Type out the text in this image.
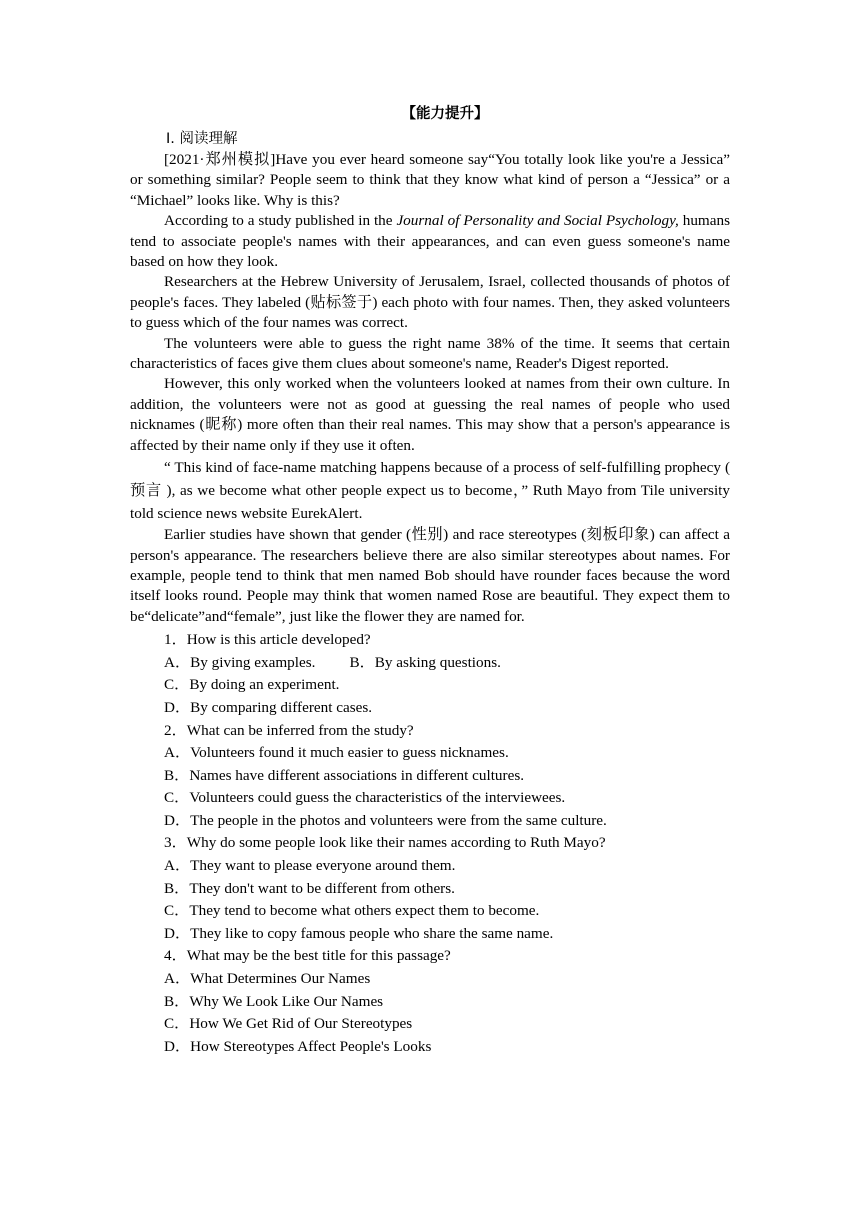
【能力提升】
Ⅰ. 阅读理解

[2021·郑州模拟]Have you ever heard someone say“You totally look like you're a Jessica” or something similar? People seem to think that they know what kind of person a “Jessica” or a “Michael” looks like. Why is this?

According to a study published in the Journal of Personality and Social Psychology, humans tend to associate people's names with their appearances, and can even guess someone's name based on how they look.

Researchers at the Hebrew University of Jerusalem, Israel, collected thousands of photos of people's faces. They labeled (贴标签于) each photo with four names. Then, they asked volunteers to guess which of the four names was correct.

The volunteers were able to guess the right name 38% of the time. It seems that certain characteristics of faces give them clues about someone's name, Reader's Digest reported.

However, this only worked when the volunteers looked at names from their own culture. In addition, the volunteers were not as good at guessing the real names of people who used nicknames (昵称) more often than their real names. This may show that a person's appearance is affected by their name only if they use it often.

“ This kind of face-name matching happens because of a process of self-fulfilling prophecy ( 预言 ), as we become what other people expect us to become，” Ruth Mayo from Tile university told science news website EurekAlert.

Earlier studies have shown that gender (性别) and race stereotypes (刻板印象) can affect a person's appearance. The researchers believe there are also similar stereotypes about names. For example, people tend to think that men named Bob should have rounder faces because the word itself looks round. People may think that women named Rose are beautiful. They expect them to be“delicate”and“female”, just like the flower they are named for.

1．How is this article developed?
A．By giving examples. B．By asking questions.
C．By doing an experiment.
D．By comparing different cases.
2．What can be inferred from the study?
A．Volunteers found it much easier to guess nicknames.
B．Names have different associations in different cultures.
C．Volunteers could guess the characteristics of the interviewees.
D．The people in the photos and volunteers were from the same culture.
3．Why do some people look like their names according to Ruth Mayo?
A．They want to please everyone around them.
B．They don't want to be different from others.
C．They tend to become what others expect them to become.
D．They like to copy famous people who share the same name.
4．What may be the best title for this passage?
A．What Determines Our Names
B．Why We Look Like Our Names
C．How We Get Rid of Our Stereotypes
D．How Stereotypes Affect People's Looks
